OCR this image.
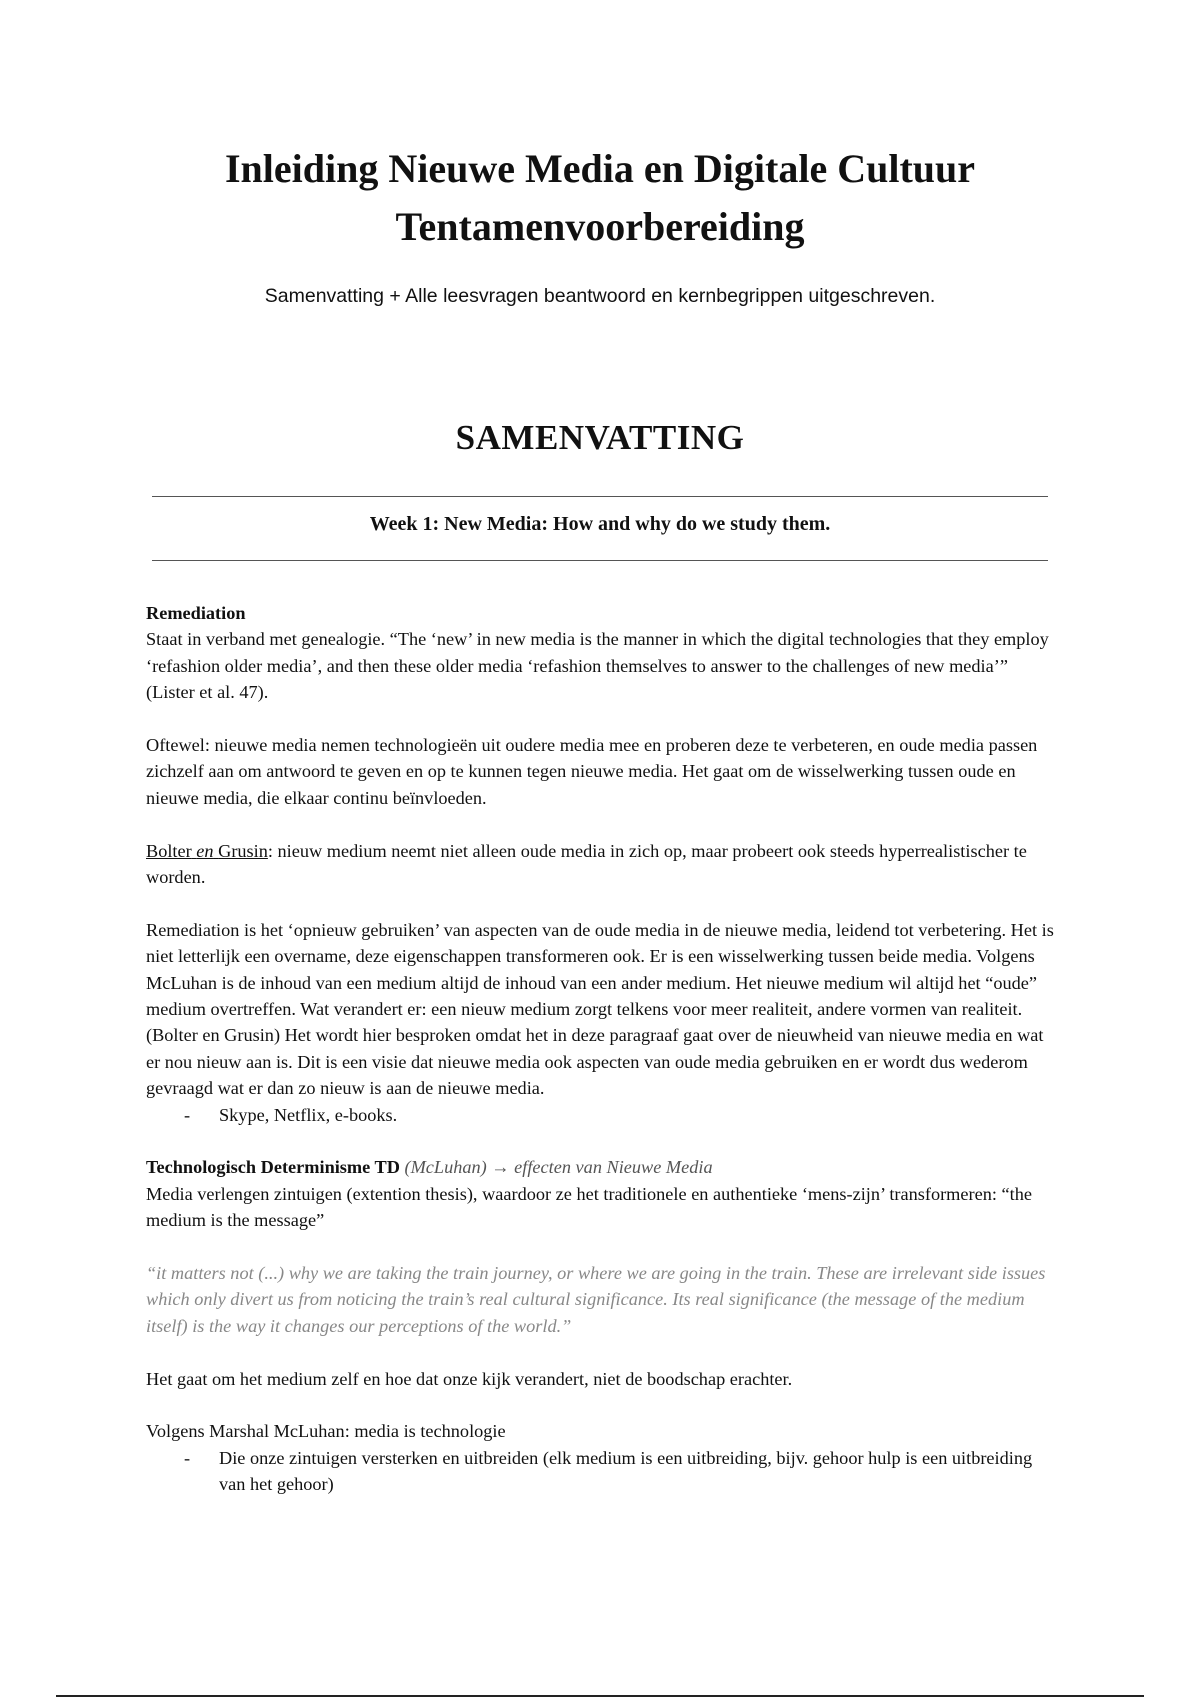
Inleiding Nieuwe Media en Digitale Cultuur
Tentamenvoorbereiding

Samenvatting + Alle leesvragen beantwoord en kernbegrippen uitgeschreven.

SAMENVATTING
Week 1: New Media: How and why do we study them.
Remediation

Staat in verband met genealogie. “The ‘new’ in new media is the manner in which the digital technologies that they employ ‘refashion older media’, and then these older media ‘refashion themselves to answer to the challenges of new media’” (Lister et al. 47).

Oftewel: nieuwe media nemen technologieën uit oudere media mee en proberen deze te verbeteren, en oude media passen zichzelf aan om antwoord te geven en op te kunnen tegen nieuwe media. Het gaat om de wisselwerking tussen oude en nieuwe media, die elkaar continu beïnvloeden.

Bolter en Grusin: nieuw medium neemt niet alleen oude media in zich op, maar probeert ook steeds hyperrealistischer te worden.

Remediation is het ‘opnieuw gebruiken’ van aspecten van de oude media in de nieuwe media, leidend tot verbetering. Het is niet letterlijk een overname, deze eigenschappen transformeren ook. Er is een wisselwerking tussen beide media. Volgens McLuhan is de inhoud van een medium altijd de inhoud van een ander medium. Het nieuwe medium wil altijd het “oude” medium overtreffen. Wat verandert er: een nieuw medium zorgt telkens voor meer realiteit, andere vormen van realiteit. (Bolter en Grusin) Het wordt hier besproken omdat het in deze paragraaf gaat over de nieuwheid van nieuwe media en wat er nou nieuw aan is. Dit is een visie dat nieuwe media ook aspecten van oude media gebruiken en er wordt dus wederom gevraagd wat er dan zo nieuw is aan de nieuwe media.

- Skype, Netflix, e-books.
Technologisch Determinisme TD (McLuhan) → effecten van Nieuwe Media

Media verlengen zintuigen (extention thesis), waardoor ze het traditionele en authentieke ‘mens-zijn’ transformeren: “the medium is the message”

“it matters not (...) why we are taking the train journey, or where we are going in the train. These are irrelevant side issues which only divert us from noticing the train’s real cultural significance. Its real significance (the message of the medium itself) is the way it changes our perceptions of the world.”

Het gaat om het medium zelf en hoe dat onze kijk verandert, niet de boodschap erachter.

Volgens Marshal McLuhan: media is technologie

- Die onze zintuigen versterken en uitbreiden (elk medium is een uitbreiding, bijv. gehoor hulp is een uitbreiding van het gehoor)
